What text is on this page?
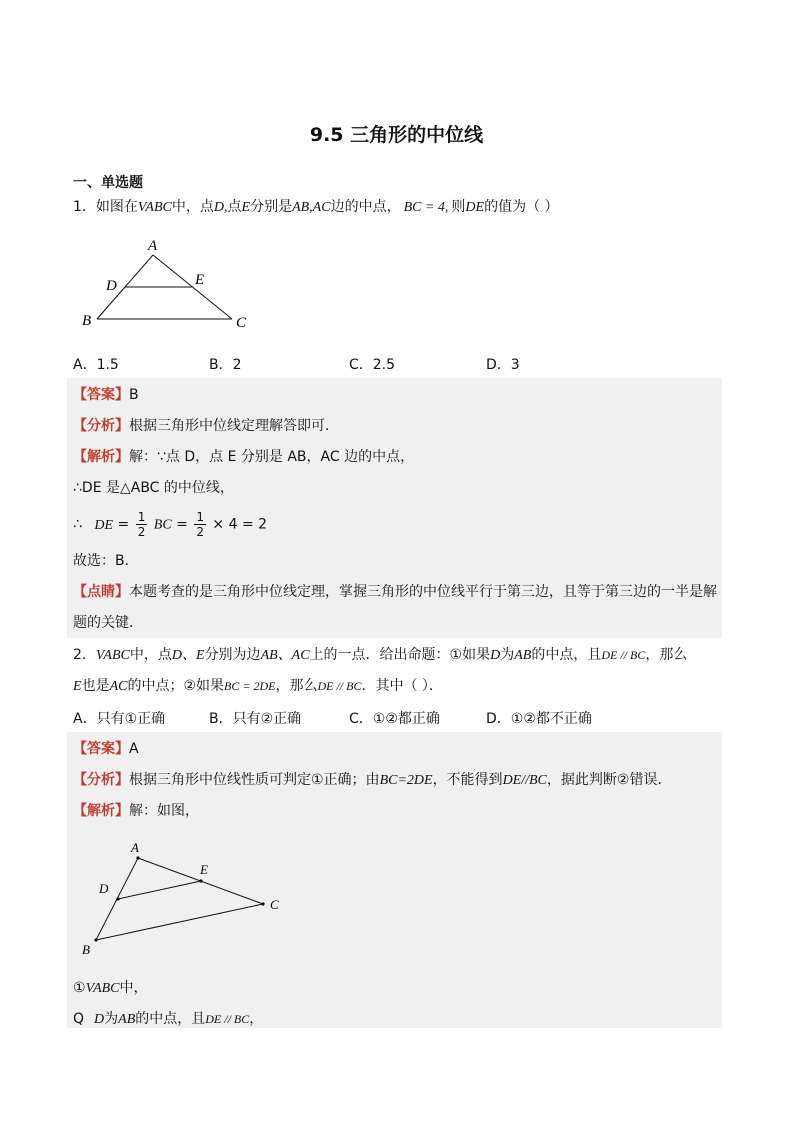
9.5 三角形的中位线
一、单选题
1．如图在VABC中，点D,点E分别是AB,AC边的中点， BC = 4, 则DE的值为（ ）
A
D	E
B	C
A．1.5	B．2	C．2.5	D．3
【答案】B
【分析】根据三角形中位线定理解答即可．
【解析】解：∵点 D，点 E 分别是 AB，AC 边的中点，
∴DE 是△ABC 的中位线，
∴ DE = $\frac{1}{2}$ BC = $\frac{1}{2} \times 4 = 2$
故选：B．
【点睛】本题考查的是三角形中位线定理，掌握三角形的中位线平行于第三边，且等于第三边的一半是解
题的关键．
2．VABC中，点D、E分别为边AB、AC上的一点．给出命题：①如果D为AB的中点，且DE // BC，那么
E也是AC的中点；②如果BC = 2DE，那么DE // BC．其中（ ）．
A．只有①正确	B．只有②正确	C．①②都正确	D．①②都不正确
【答案】A
【分析】根据三角形中位线性质可判定①正确；由BC=2DE，不能得到DE//BC，据此判断②错误．
【解析】解：如图，
A
D
E
B
C
①VABC中，
Q D为AB的中点，且DE // BC，
